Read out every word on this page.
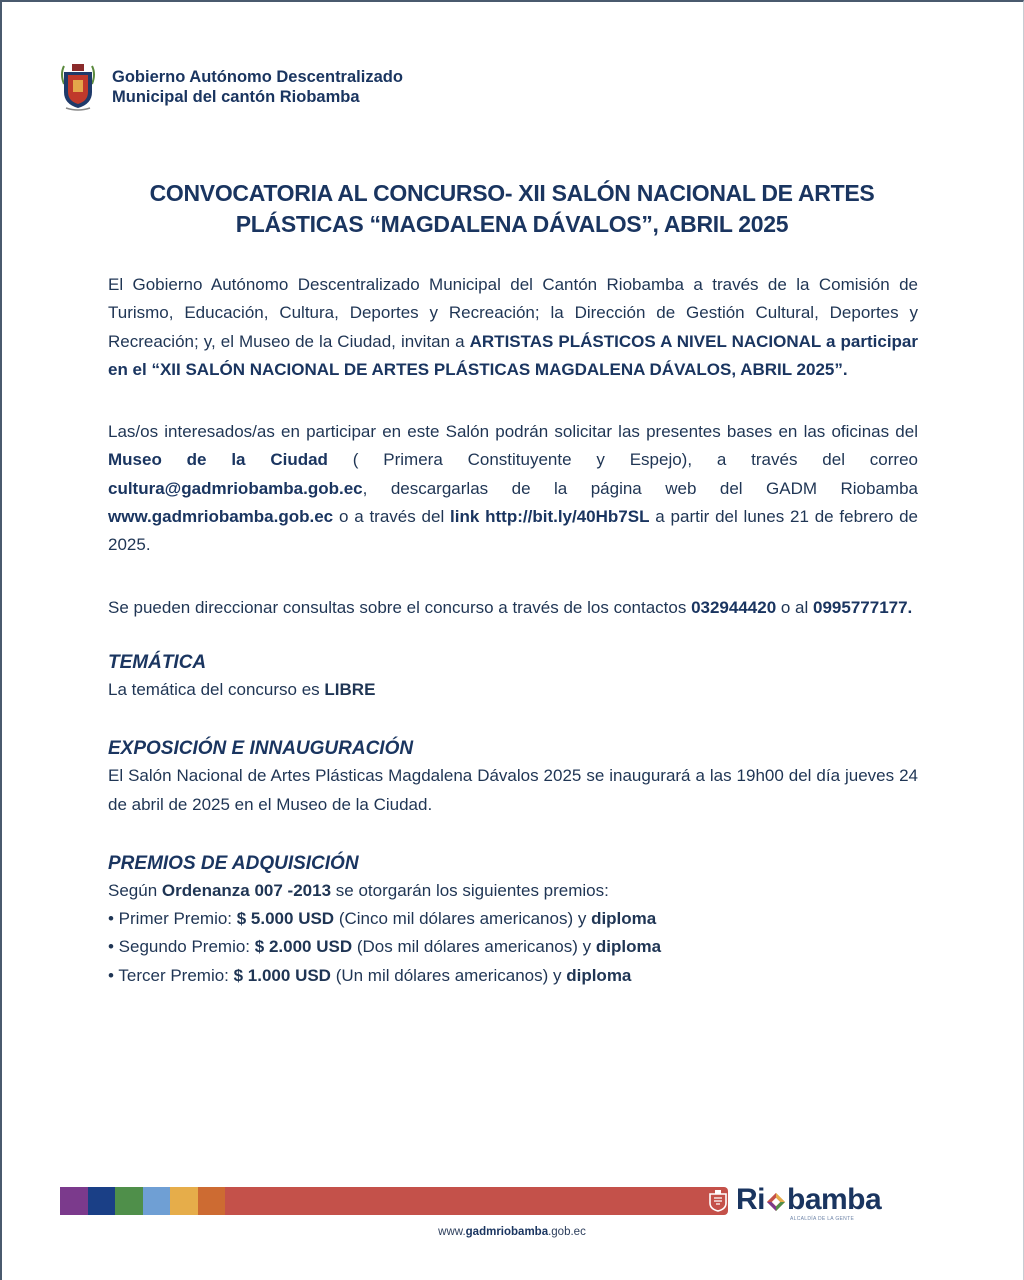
Gobierno Autónomo Descentralizado
Municipal del cantón Riobamba
CONVOCATORIA AL CONCURSO- XII SALÓN NACIONAL DE ARTES
PLÁSTICAS “MAGDALENA DÁVALOS”, ABRIL 2025

El Gobierno Autónomo Descentralizado Municipal del Cantón Riobamba a través de la Comisión de Turismo, Educación, Cultura, Deportes y Recreación; la Dirección de Gestión Cultural, Deportes y Recreación; y, el Museo de la Ciudad, invitan a ARTISTAS PLÁSTICOS A NIVEL NACIONAL a participar en el “XII SALÓN NACIONAL DE ARTES PLÁSTICAS MAGDALENA DÁVALOS, ABRIL 2025”.

Las/os interesados/as en participar en este Salón podrán solicitar las presentes bases en las oficinas del Museo de la Ciudad ( Primera Constituyente y Espejo), a través del correo cultura@gadmriobamba.gob.ec, descargarlas de la página web del GADM Riobamba www.gadmriobamba.gob.ec o a través del link http://bit.ly/40Hb7SL a partir del lunes 21 de febrero de 2025.

Se pueden direccionar consultas sobre el concurso a través de los contactos 032944420 o al 0995777177.

TEMÁTICA

La temática del concurso es LIBRE

EXPOSICIÓN E INNAUGURACIÓN

El Salón Nacional de Artes Plásticas Magdalena Dávalos 2025 se inaugurará a las 19h00 del día jueves 24 de abril de 2025 en el Museo de la Ciudad.

PREMIOS DE ADQUISICIÓN

Según Ordenanza 007 -2013 se otorgarán los siguientes premios:

• Primer Premio: $ 5.000 USD (Cinco mil dólares americanos) y diploma

• Segundo Premio: $ 2.000 USD (Dos mil dólares americanos) y diploma

• Tercer Premio: $ 1.000 USD (Un mil dólares americanos) y diploma

Ri bamba
ALCALDÍA DE LA GENTE
www.gadmriobamba.gob.ec
